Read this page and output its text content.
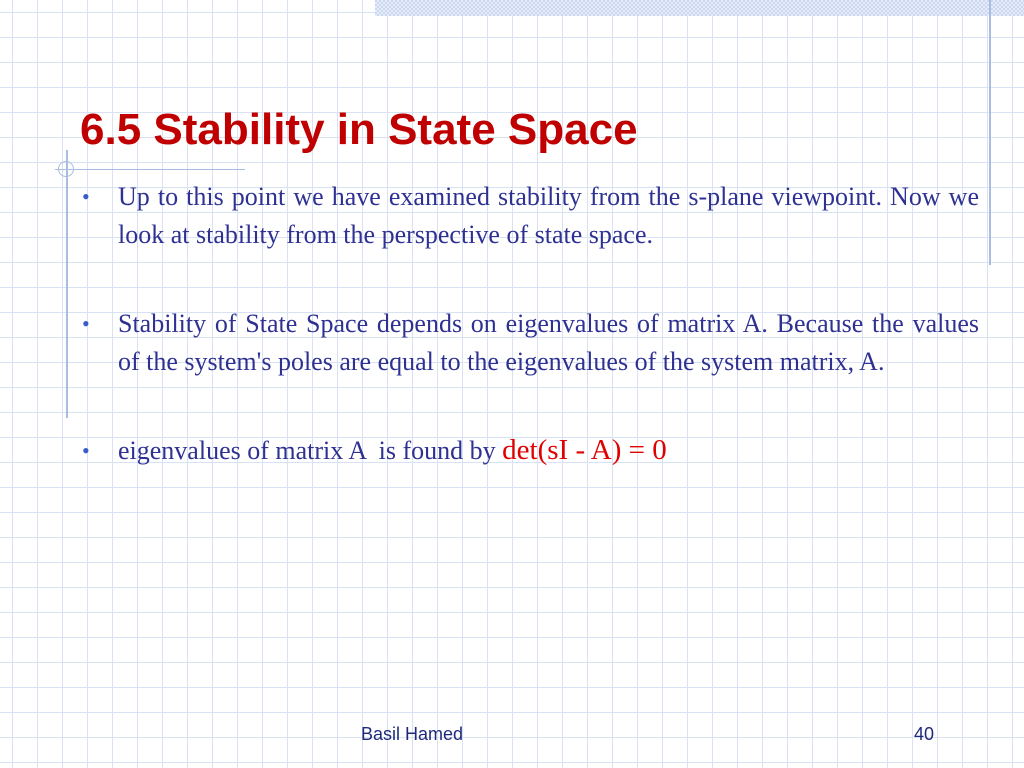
6.5 Stability in State Space
• Up to this point we have examined stability from the s-plane viewpoint. Now we look at stability from the perspective of state space.
• Stability of State Space depends on eigenvalues of matrix A. Because the values of the system's poles are equal to the eigenvalues of the system matrix, A.
• eigenvalues of matrix A  is found by det(sI - A) = 0
Basil Hamed	40
